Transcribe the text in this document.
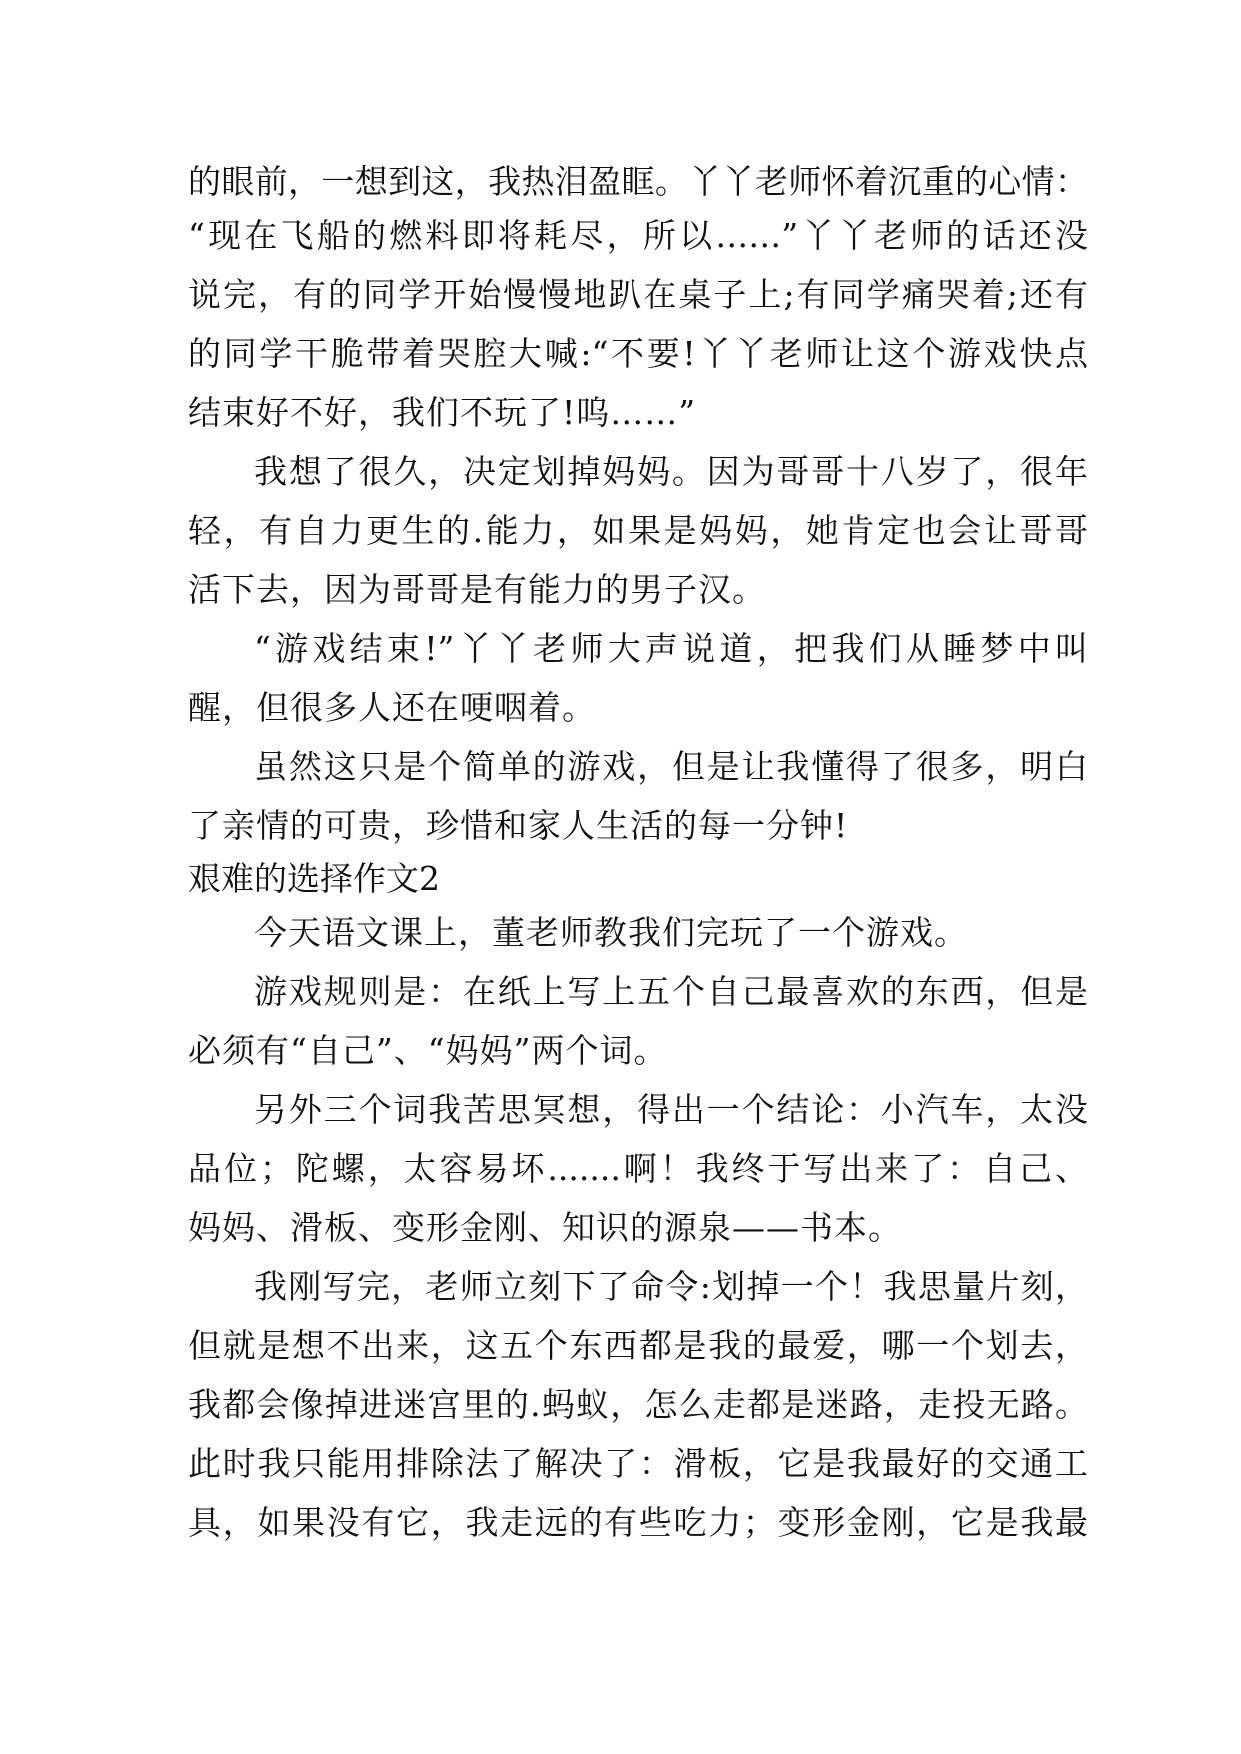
的眼前，一想到这，我热泪盈眶。丫丫老师怀着沉重的心情：
“现在飞船的燃料即将耗尽，所以……”丫丫老师的话还没
说完，有的同学开始慢慢地趴在桌子上;有同学痛哭着;还有
的同学干脆带着哭腔大喊:“不要!丫丫老师让这个游戏快点
结束好不好，我们不玩了!呜……”
我想了很久，决定划掉妈妈。因为哥哥十八岁了，很年
轻，有自力更生的.能力，如果是妈妈，她肯定也会让哥哥
活下去，因为哥哥是有能力的男子汉。
“游戏结束!”丫丫老师大声说道，把我们从睡梦中叫
醒，但很多人还在哽咽着。
虽然这只是个简单的游戏，但是让我懂得了很多，明白
了亲情的可贵，珍惜和家人生活的每一分钟!
艰难的选择作文2
今天语文课上，董老师教我们完玩了一个游戏。
游戏规则是：在纸上写上五个自己最喜欢的东西，但是
必须有“自己”、“妈妈”两个词。
另外三个词我苦思冥想，得出一个结论：小汽车，太没
品位；陀螺，太容易坏.......啊！我终于写出来了：自己、
妈妈、滑板、变形金刚、知识的源泉——书本。
我刚写完，老师立刻下了命令:划掉一个！我思量片刻，
但就是想不出来，这五个东西都是我的最爱，哪一个划去，
我都会像掉进迷宫里的.蚂蚁，怎么走都是迷路，走投无路。
此时我只能用排除法了解决了：滑板，它是我最好的交通工
具，如果没有它，我走远的有些吃力；变形金刚，它是我最
